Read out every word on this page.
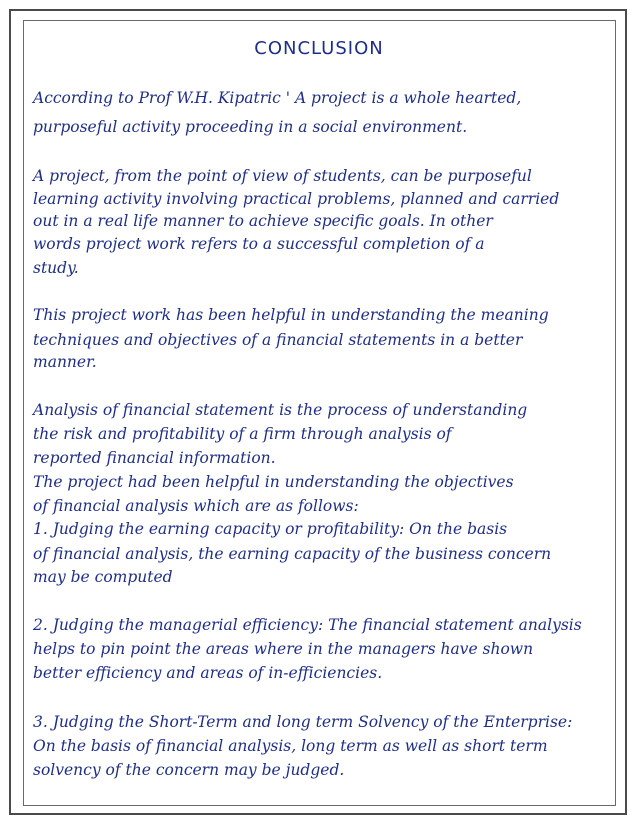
CONCLUSION
According to Prof W.H. Kipatric ' A project is a whole hearted,
purposeful activity proceeding in a social environment.
A project, from the point of view of students, can be purposeful
learning activity involving practical problems, planned and carried
out in a real life manner to achieve specific goals. In other
words project work refers to a successful completion of a
study.
This project work has been helpful in understanding the meaning
techniques and objectives of a financial statements in a better
manner.
Analysis of financial statement is the process of understanding
the risk and profitability of a firm through analysis of
reported financial information.
The project had been helpful in understanding the objectives
of financial analysis which are as follows:
1. Judging the earning capacity or profitability: On the basis
of financial analysis, the earning capacity of the business concern
may be computed
2. Judging the managerial efficiency: The financial statement analysis
helps to pin point the areas where in the managers have shown
better efficiency and areas of in-efficiencies.
3. Judging the Short-Term and long term Solvency of the Enterprise:
On the basis of financial analysis, long term as well as short term
solvency of the concern may be judged.
